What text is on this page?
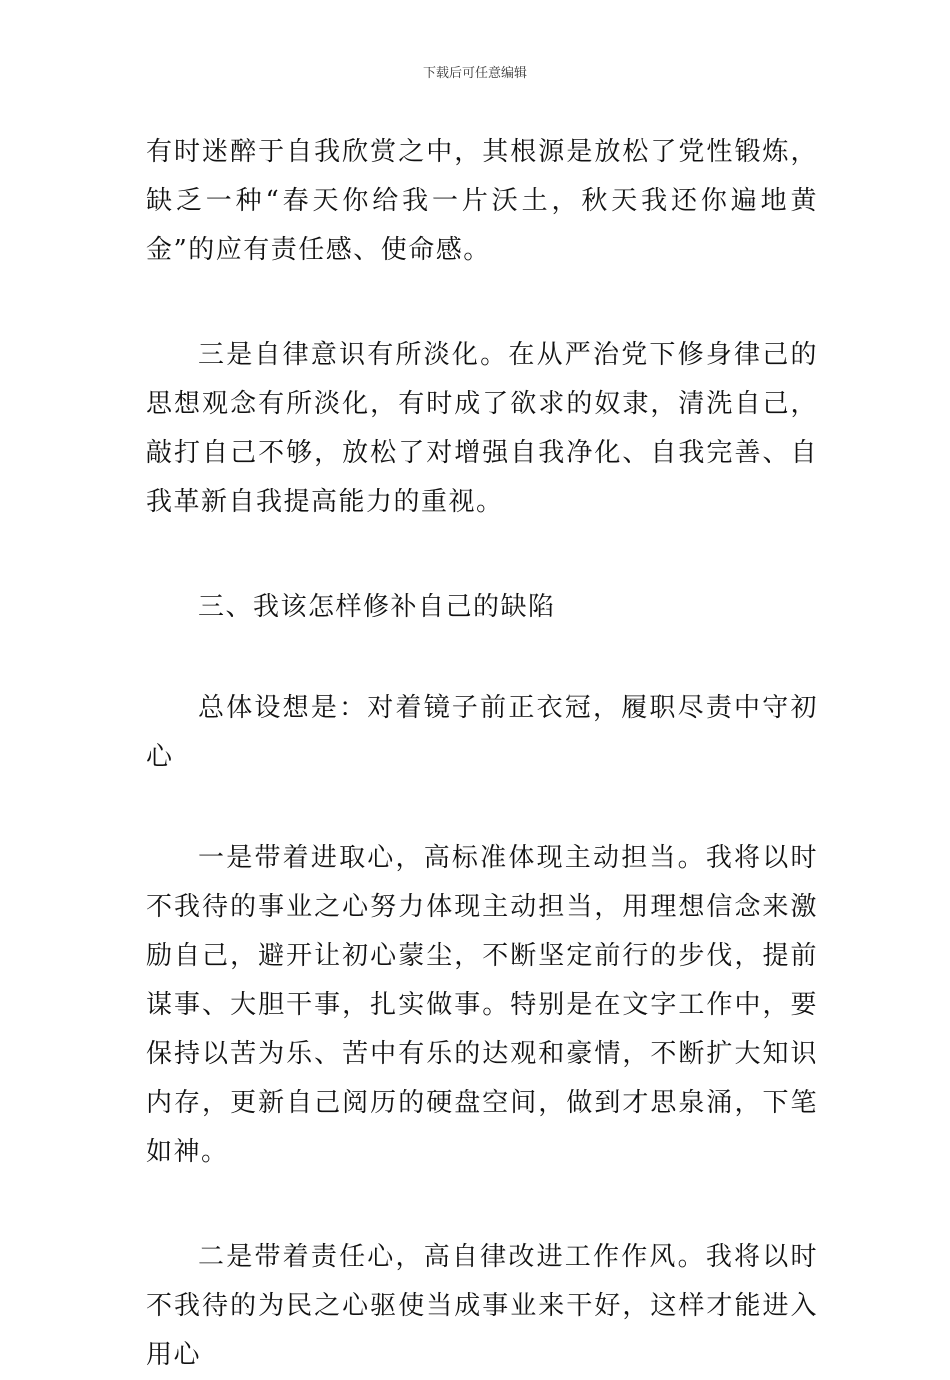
下载后可任意编辑

有时迷醉于自我欣赏之中，其根源是放松了党性锻炼，缺乏一种“春天你给我一片沃土，秋天我还你遍地黄金”的应有责任感、使命感。

三是自律意识有所淡化。在从严治党下修身律己的思想观念有所淡化，有时成了欲求的奴隶，清洗自己，敲打自己不够，放松了对增强自我净化、自我完善、自我革新自我提高能力的重视。

三、我该怎样修补自己的缺陷

总体设想是：对着镜子前正衣冠，履职尽责中守初心

一是带着进取心，高标准体现主动担当。我将以时不我待的事业之心努力体现主动担当，用理想信念来激励自己，避开让初心蒙尘，不断坚定前行的步伐，提前谋事、大胆干事，扎实做事。特别是在文字工作中，要保持以苦为乐、苦中有乐的达观和豪情，不断扩大知识内存，更新自己阅历的硬盘空间，做到才思泉涌，下笔如神。

二是带着责任心，高自律改进工作作风。我将以时不我待的为民之心驱使当成事业来干好，这样才能进入用心
